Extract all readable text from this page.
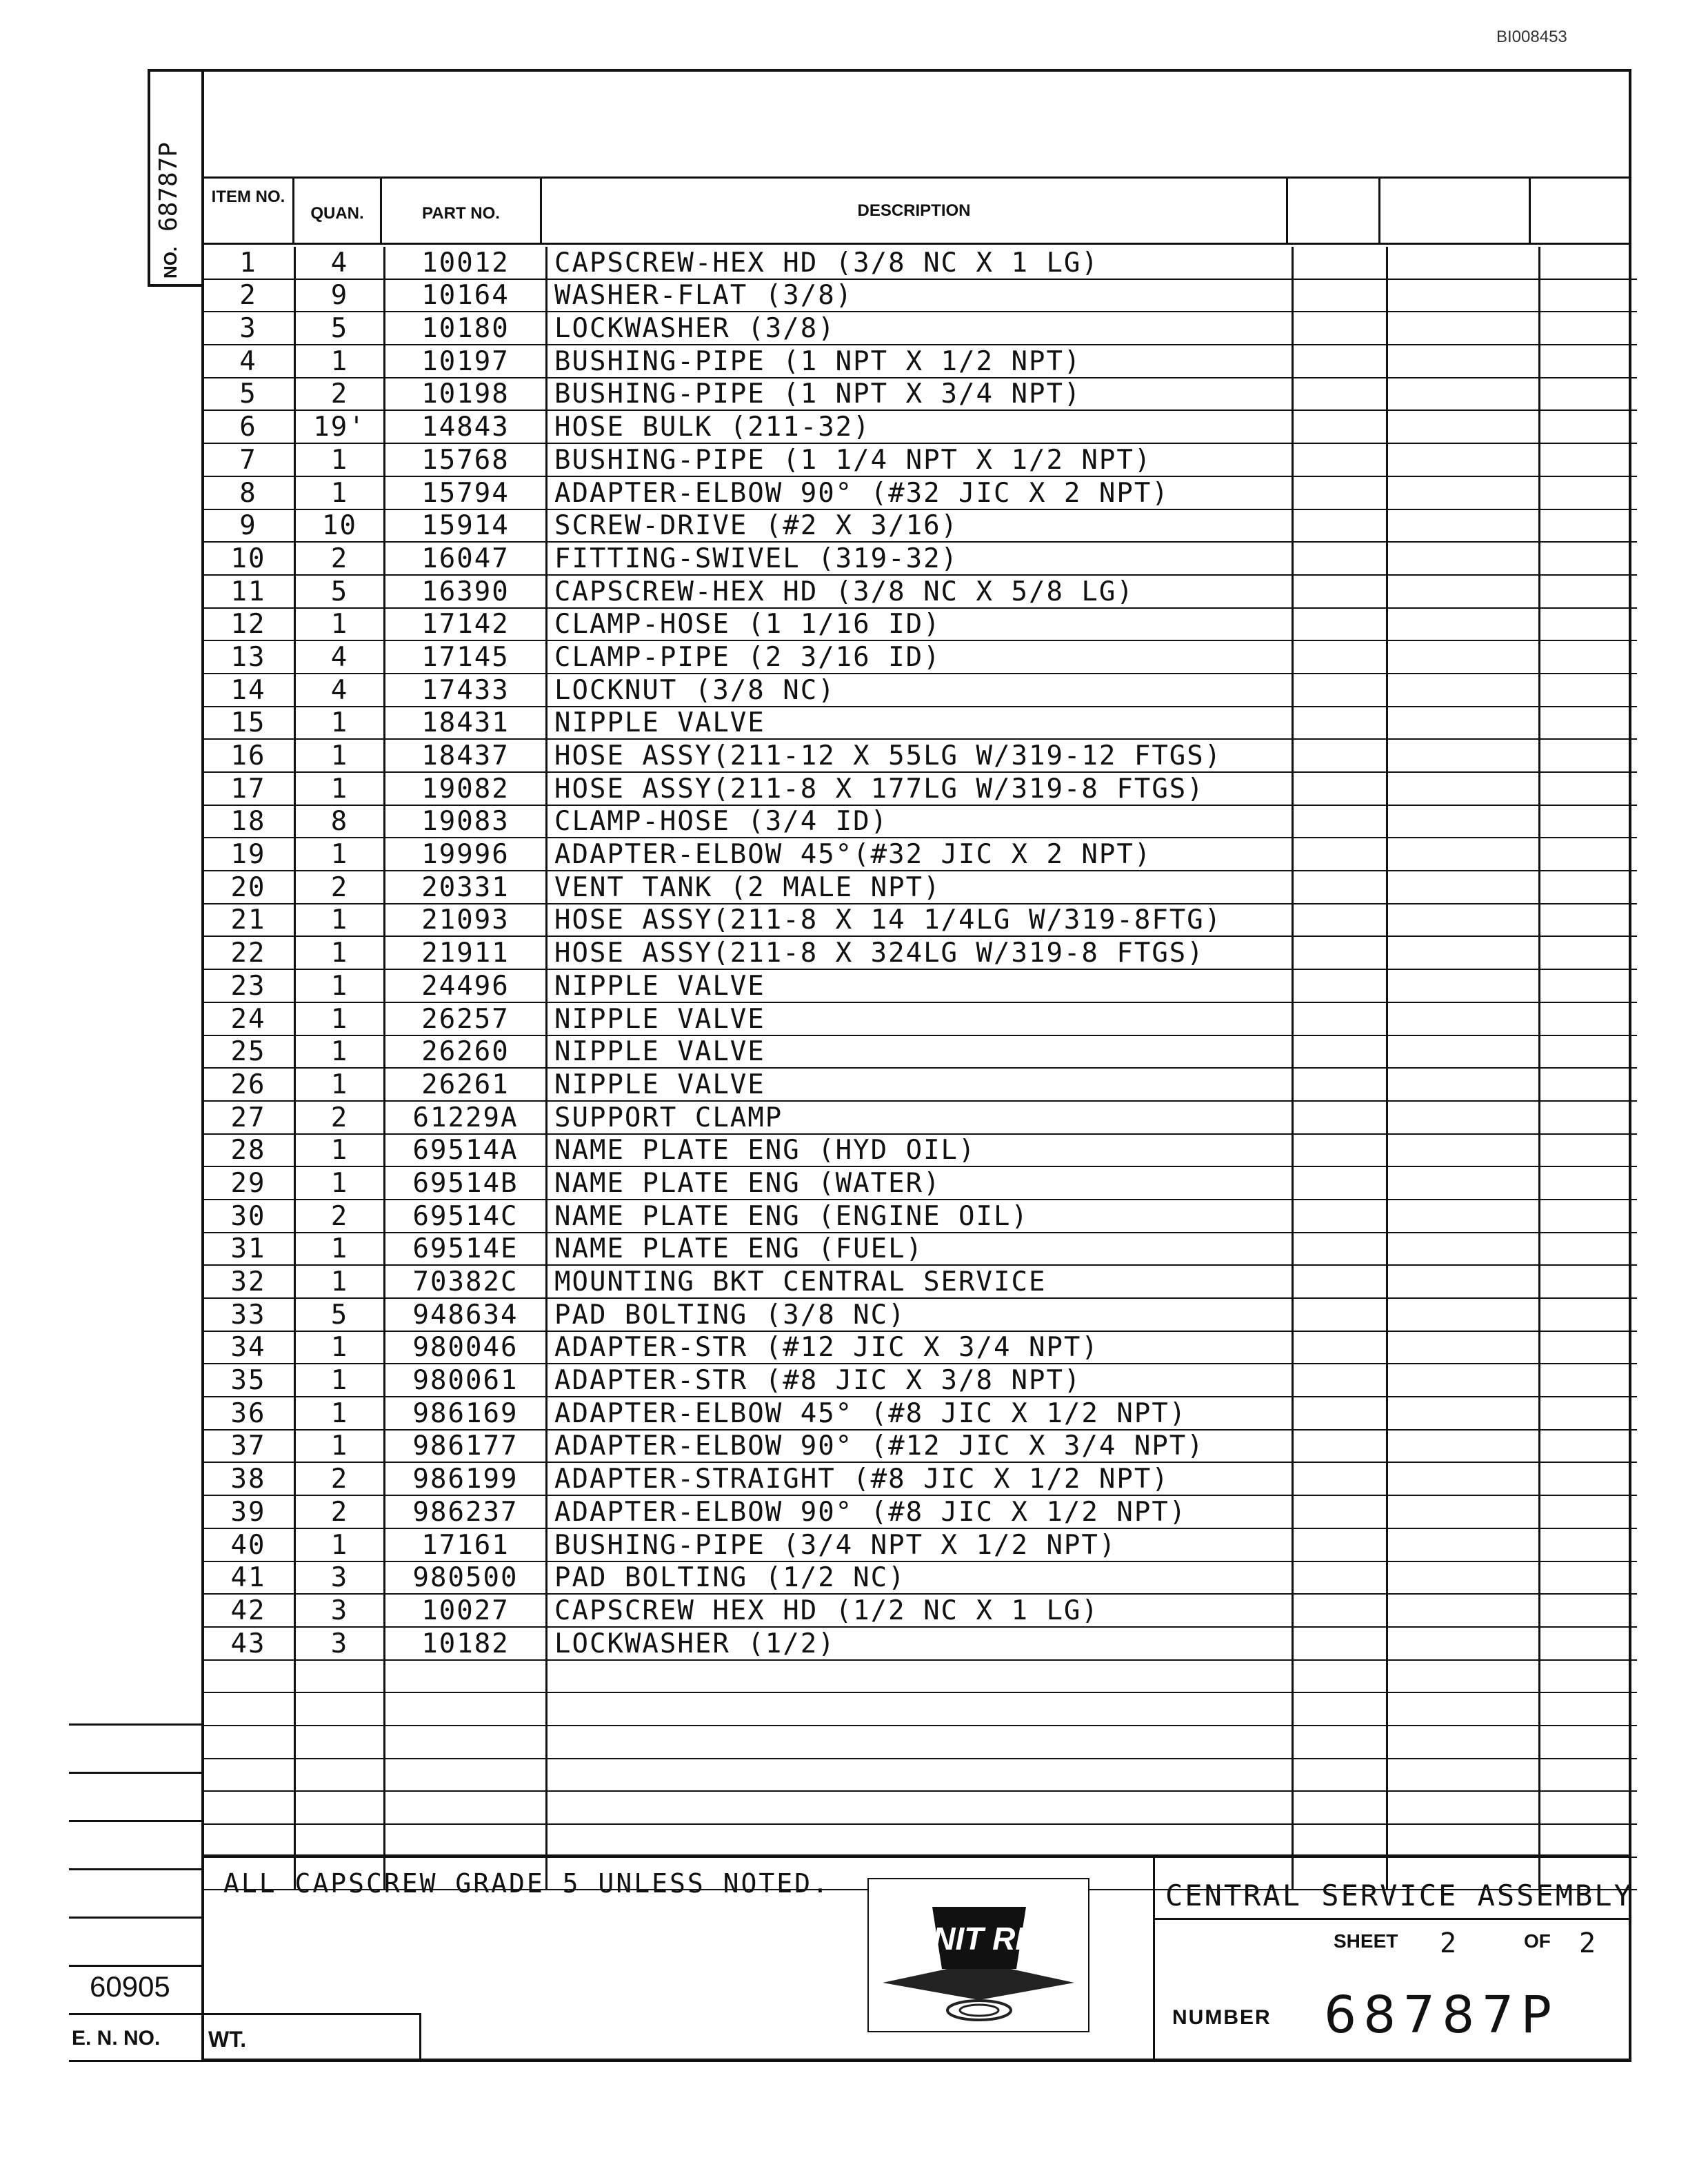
BI008453
NO. 68787P	ITEM NO.
QUAN.	PART NO.	DESCRIPTION
1	4	10012	CAPSCREW-HEX HD (3/8 NC X 1 LG)			
2	9	10164	WASHER-FLAT (3/8)			
3	5	10180	LOCKWASHER (3/8)			
4	1	10197	BUSHING-PIPE (1 NPT X 1/2 NPT)			
5	2	10198	BUSHING-PIPE (1 NPT X 3/4 NPT)			
6	19'	14843	HOSE BULK (211-32)			
7	1	15768	BUSHING-PIPE (1 1/4 NPT X 1/2 NPT)			
8	1	15794	ADAPTER-ELBOW 90° (#32 JIC X 2 NPT)			
9	10	15914	SCREW-DRIVE (#2 X 3/16)			
10	2	16047	FITTING-SWIVEL (319-32)			
11	5	16390	CAPSCREW-HEX HD (3/8 NC X 5/8 LG)			
12	1	17142	CLAMP-HOSE (1 1/16 ID)			
13	4	17145	CLAMP-PIPE (2 3/16 ID)			
14	4	17433	LOCKNUT (3/8 NC)			
15	1	18431	NIPPLE VALVE			
16	1	18437	HOSE ASSY(211-12 X 55LG W/319-12 FTGS)			
17	1	19082	HOSE ASSY(211-8 X 177LG W/319-8 FTGS)			
18	8	19083	CLAMP-HOSE (3/4 ID)			
19	1	19996	ADAPTER-ELBOW 45°(#32 JIC X 2 NPT)			
20	2	20331	VENT TANK (2 MALE NPT)			
21	1	21093	HOSE ASSY(211-8 X 14 1/4LG W/319-8FTG)			
22	1	21911	HOSE ASSY(211-8 X 324LG W/319-8 FTGS)			
23	1	24496	NIPPLE VALVE			
24	1	26257	NIPPLE VALVE			
25	1	26260	NIPPLE VALVE			
26	1	26261	NIPPLE VALVE			
27	2	61229A	SUPPORT CLAMP			
28	1	69514A	NAME PLATE ENG (HYD OIL)			
29	1	69514B	NAME PLATE ENG (WATER)			
30	2	69514C	NAME PLATE ENG (ENGINE OIL)			
31	1	69514E	NAME PLATE ENG (FUEL)			
32	1	70382C	MOUNTING BKT CENTRAL SERVICE			
33	5	948634	PAD BOLTING (3/8 NC)			
34	1	980046	ADAPTER-STR (#12 JIC X 3/4 NPT)			
35	1	980061	ADAPTER-STR (#8 JIC X 3/8 NPT)			
36	1	986169	ADAPTER-ELBOW 45° (#8 JIC X 1/2 NPT)			
37	1	986177	ADAPTER-ELBOW 90° (#12 JIC X 3/4 NPT)			
38	2	986199	ADAPTER-STRAIGHT (#8 JIC X 1/2 NPT)			
39	2	986237	ADAPTER-ELBOW 90° (#8 JIC X 1/2 NPT)			
40	1	17161	BUSHING-PIPE (3/4 NPT X 1/2 NPT)			
41	3	980500	PAD BOLTING (1/2 NC)			
42	3	10027	CAPSCREW HEX HD (1/2 NC X 1 LG)			
43	3	10182	LOCKWASHER (1/2)			

ALL CAPSCREW GRADE 5 UNLESS NOTED.
UNIT RIG
CENTRAL SERVICE ASSEMBLY
SHEET 2	OF 2
NUMBER 68787P
60905
E. N. NO. WT.
